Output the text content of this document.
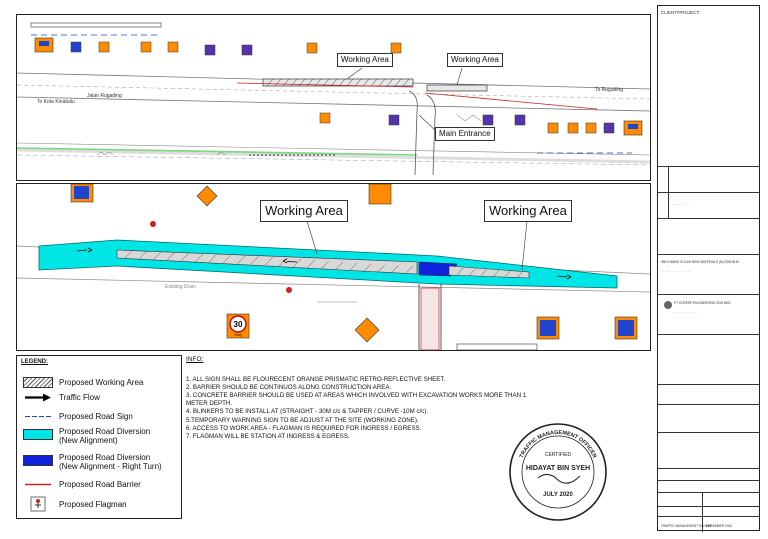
Jalan Rugading
To Kota Kinabalu
To Rugading
Working Area	Working Area
Main Entrance
30
Km/j
Existing Drain
Working Area	Working Area
LEGEND:
Proposed Working Area
Traffic Flow
Proposed Road Sign
Proposed Road Diversion
(New Alignment)
Proposed Road Diversion
(New Alignment - Right Turn)
Proposed Road Barrier
Proposed Flagman
INFO:
1. ALL SIGN SHALL BE FLOURECENT ORANGE PRISMATIC RETRO-REFLECTIVE SHEET.
2. BARRIER SHOULD BE CONTINUOS ALONG CONSTRUCTION AREA.
3. CONCRETE BARRIER SHOULD BE USED AT AREAS WHICH INVOLVED WITH EXCAVATION WORKS MORE THAN 1
METER DEPTH.
4. BLINKERS TO BE INSTALL AT (STRAIGHT - 30M c/c & TAPPER / CURVE -10M c/c).
5.TEMPORARY WARNING SIGN TO BE ADJUST AT THE SITE (WORKING ZONE).
6. ACCESS TO WORK AREA - FLAGMAN IS REQUIRED FOR INGRESS / EGRESS.
7. FLAGMAN WILL BE STATION AT INGRESS & EGRESS.
TRAFFIC MANAGEMENT OFFICER
CERTIFIED
HIDAYAT BIN SYEH
JULY 2020
CLIENT/PROJECT:
. . . . . . . .
SBH KIBING SOLAR NEW MATERIALS (M) SDN BHD
. . . . . . . . . . . . . .
PT KORESP ENGINEERING SDN BHD
. . . . . . . . . . .
TRAFFIC MANAGEMENT SCHEME
DECEMBER 2020
